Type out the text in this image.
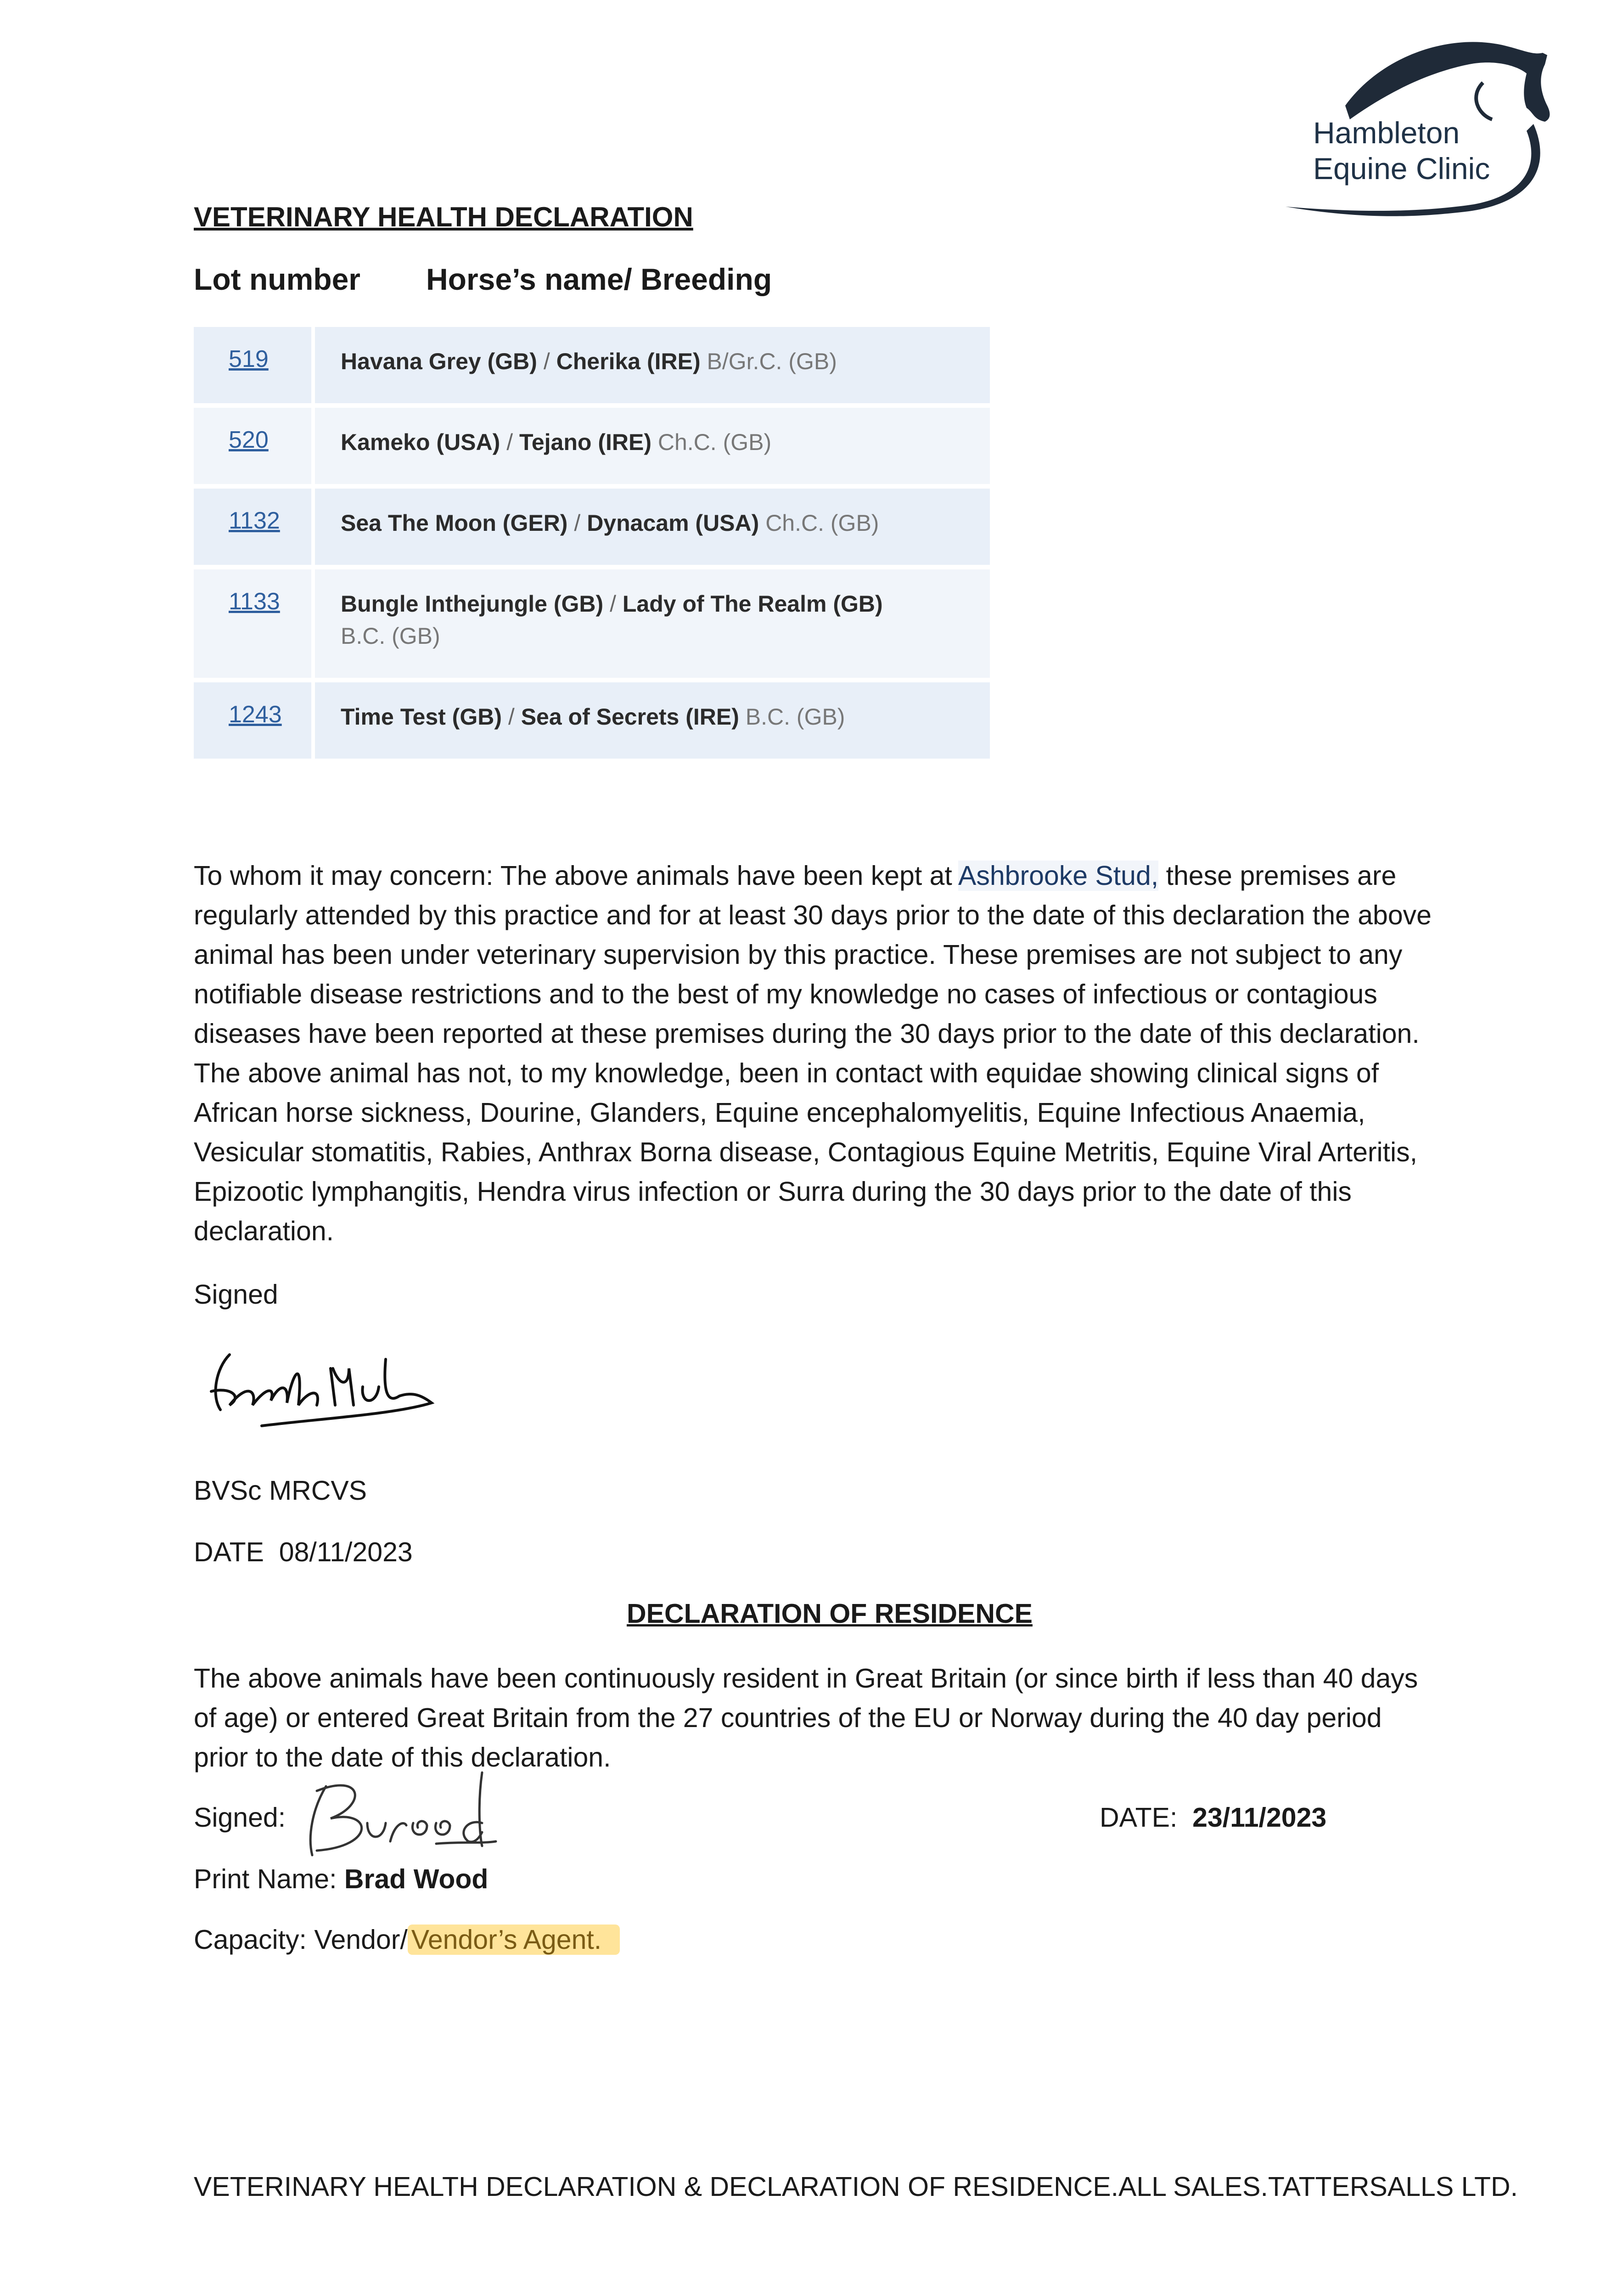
Hambleton
Equine Clinic
VETERINARY HEALTH DECLARATION
Lot number Horse’s name/ Breeding
519	Havana Grey (GB) / Cherika (IRE) B/Gr.C. (GB)
520	Kameko (USA) / Tejano (IRE) Ch.C. (GB)
1132	Sea The Moon (GER) / Dynacam (USA) Ch.C. (GB)
1133	Bungle Inthejungle (GB) / Lady of The Realm (GB) B.C. (GB)
1243	Time Test (GB) / Sea of Secrets (IRE) B.C. (GB)
To whom it may concern: The above animals have been kept at Ashbrooke Stud, these premises are regularly attended by this practice and for at least 30 days prior to the date of this declaration the above animal has been under veterinary supervision by this practice. These premises are not subject to any notifiable disease restrictions and to the best of my knowledge no cases of infectious or contagious diseases have been reported at these premises during the 30 days prior to the date of this declaration. The above animal has not, to my knowledge, been in contact with equidae showing clinical signs of African horse sickness, Dourine, Glanders, Equine encephalomyelitis, Equine Infectious Anaemia, Vesicular stomatitis, Rabies, Anthrax Borna disease, Contagious Equine Metritis, Equine Viral Arteritis, Epizootic lymphangitis, Hendra virus infection or Surra during the 30 days prior to the date of this declaration.
Signed
BVSc MRCVS
DATE 08/11/2023
DECLARATION OF RESIDENCE
The above animals have been continuously resident in Great Britain (or since birth if less than 40 days of age) or entered Great Britain from the 27 countries of the EU or Norway during the 40 day period prior to the date of this declaration.
Signed:	DATE: 23/11/2023
Print Name: Brad Wood
Capacity: Vendor/ Vendor’s Agent.
VETERINARY HEALTH DECLARATION & DECLARATION OF RESIDENCE.ALL SALES.TATTERSALLS LTD.
